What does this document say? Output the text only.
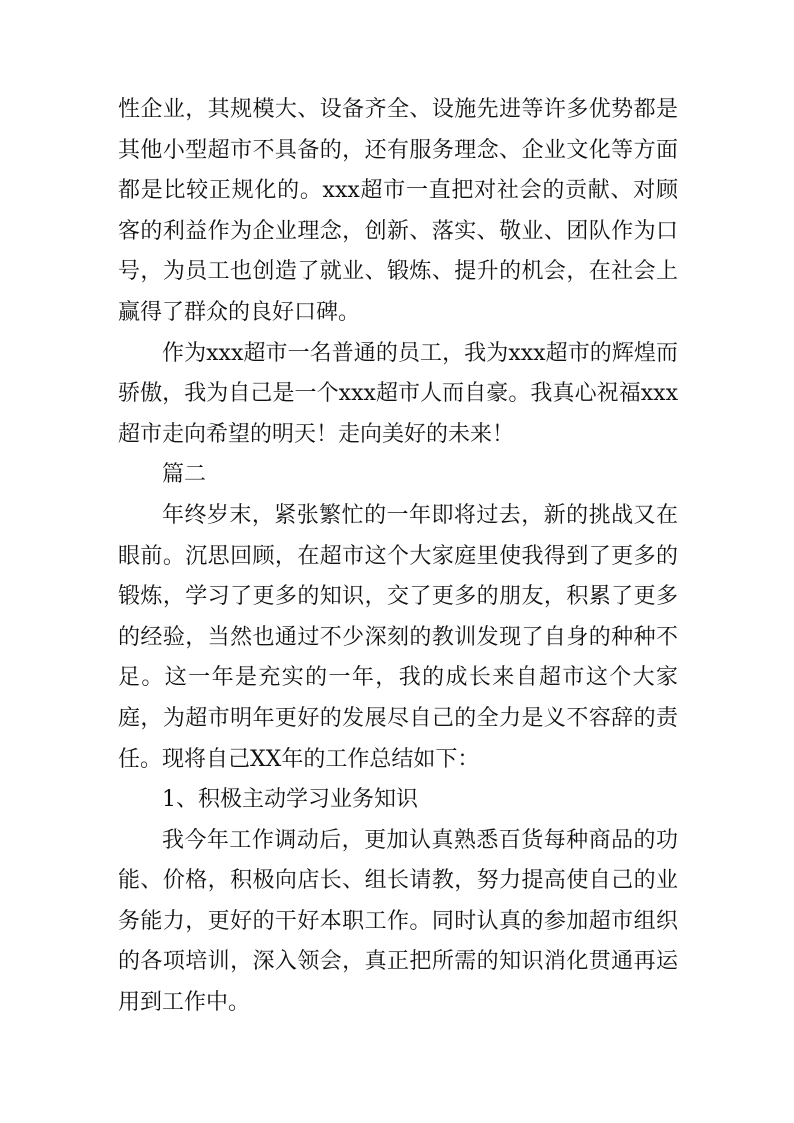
性企业，其规模大、设备齐全、设施先进等许多优势都是其他小型超市不具备的，还有服务理念、企业文化等方面都是比较正规化的。xxx超市一直把对社会的贡献、对顾客的利益作为企业理念，创新、落实、敬业、团队作为口号，为员工也创造了就业、锻炼、提升的机会，在社会上赢得了群众的良好口碑。

作为xxx超市一名普通的员工，我为xxx超市的辉煌而骄傲，我为自己是一个xxx超市人而自豪。我真心祝福xxx超市走向希望的明天！走向美好的未来！

篇二

年终岁末，紧张繁忙的一年即将过去，新的挑战又在眼前。沉思回顾，在超市这个大家庭里使我得到了更多的锻炼，学习了更多的知识，交了更多的朋友，积累了更多的经验，当然也通过不少深刻的教训发现了自身的种种不足。这一年是充实的一年，我的成长来自超市这个大家庭，为超市明年更好的发展尽自己的全力是义不容辞的责任。现将自己XX年的工作总结如下：

1、积极主动学习业务知识

我今年工作调动后，更加认真熟悉百货每种商品的功能、价格，积极向店长、组长请教，努力提高使自己的业务能力，更好的干好本职工作。同时认真的参加超市组织的各项培训，深入领会，真正把所需的知识消化贯通再运用到工作中。
